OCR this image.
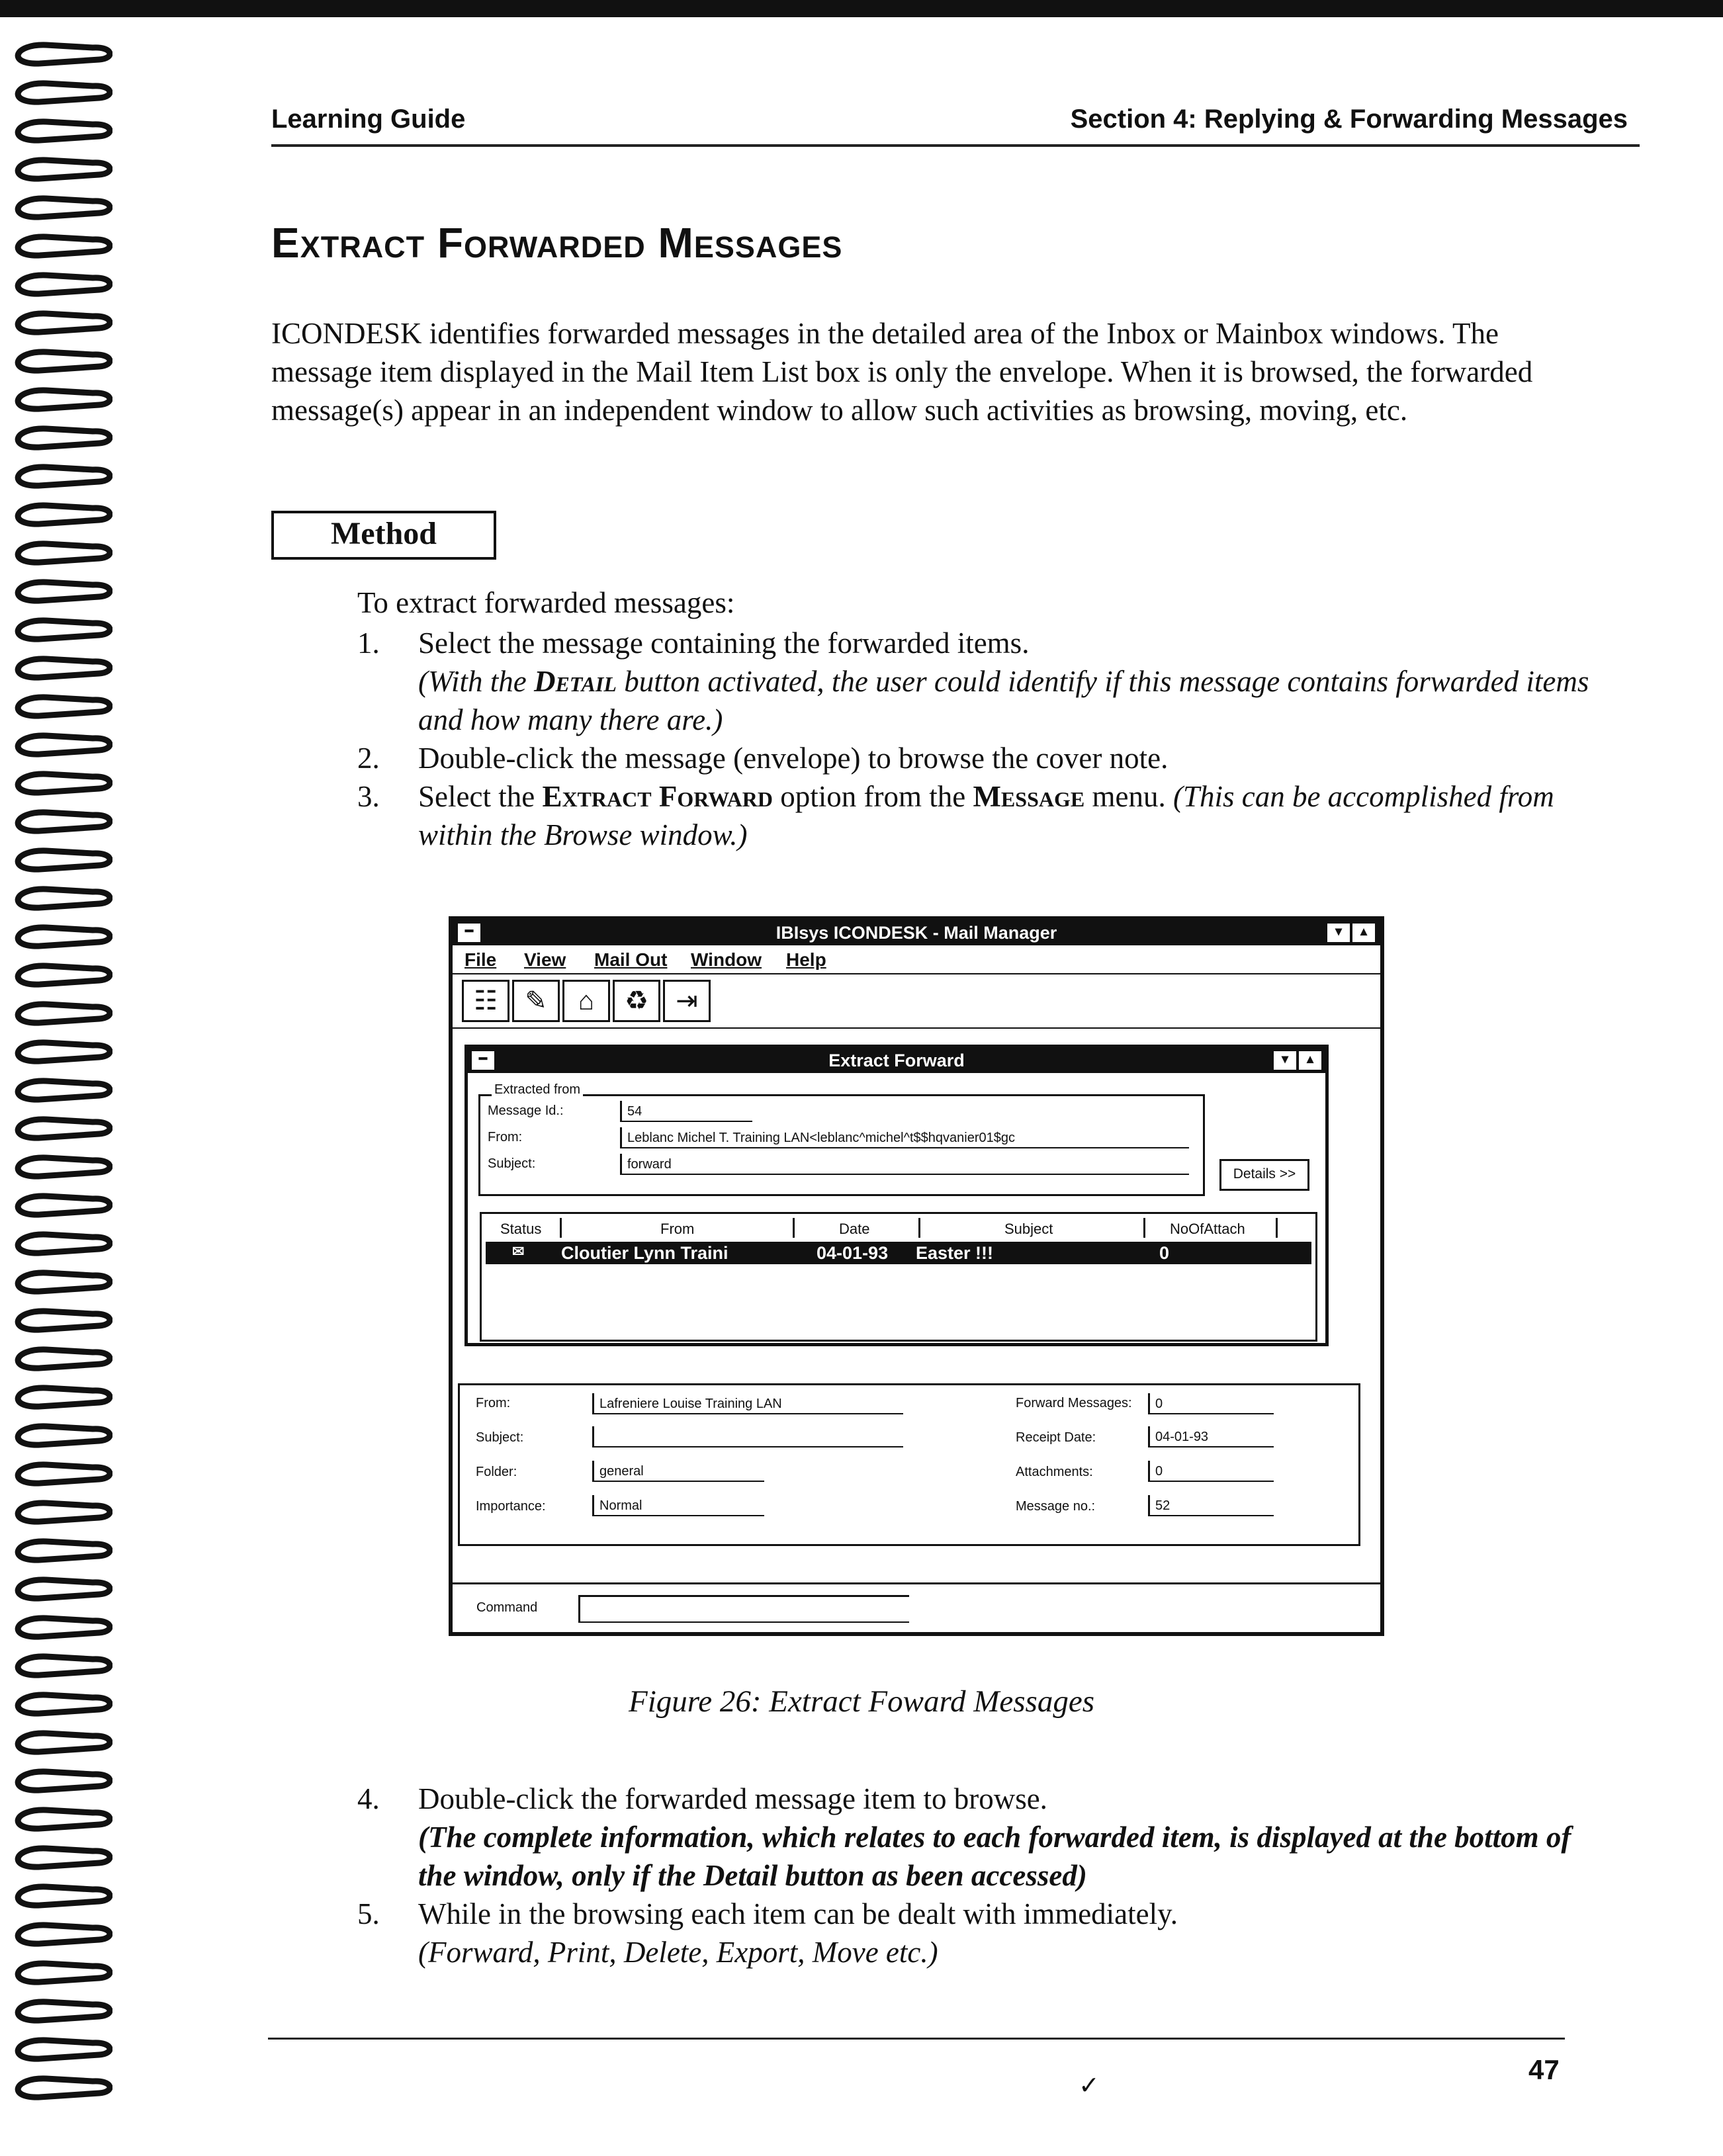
Learning Guide	Section 4: Replying & Forwarding Messages
Extract Forwarded Messages

ICONDESK identifies forwarded messages in the detailed area of the Inbox or Mainbox windows. The message item displayed in the Mail Item List box is only the envelope. When it is browsed, the forwarded message(s) appear in an independent window to allow such activities as browsing, moving, etc.

Method
To extract forwarded messages:
1. Select the message containing the forwarded items.
(With the Detail button activated, the user could identify if this message contains forwarded items and how many there are.)
2. Double-click the message (envelope) to browse the cover note.
3. Select the Extract Forward option from the Message menu. (This can be accomplished from within the Browse window.)
━	IBIsys ICONDESK - Mail Manager	▾	▴
File View Mail Out Window Help
☷	✎	⌂	♻	⇥
━	Extract Forward	▾	▴
Extracted from
Message Id.:	54
From:	Leblanc Michel T. Training LAN<leblanc^michel^t$$hqvanier01$gc
Subject:	forward
Details >>
Status	From	Date	Subject	NoOfAttach
✉ Cloutier Lynn Traini	04-01-93 Easter !!!	0
From:	Lafreniere Louise Training LAN
Subject:
Folder:	general
Importance:	Normal
Forward Messages:	0
Receipt Date:	04-01-93
Attachments:	0
Message no.:	52
Command
Figure 26: Extract Foward Messages
4. Double-click the forwarded message item to browse.
(The complete information, which relates to each forwarded item, is displayed at the bottom of the window, only if the Detail button as been accessed)
5. While in the browsing each item can be dealt with immediately.
(Forward, Print, Delete, Export, Move etc.)
✓
47
